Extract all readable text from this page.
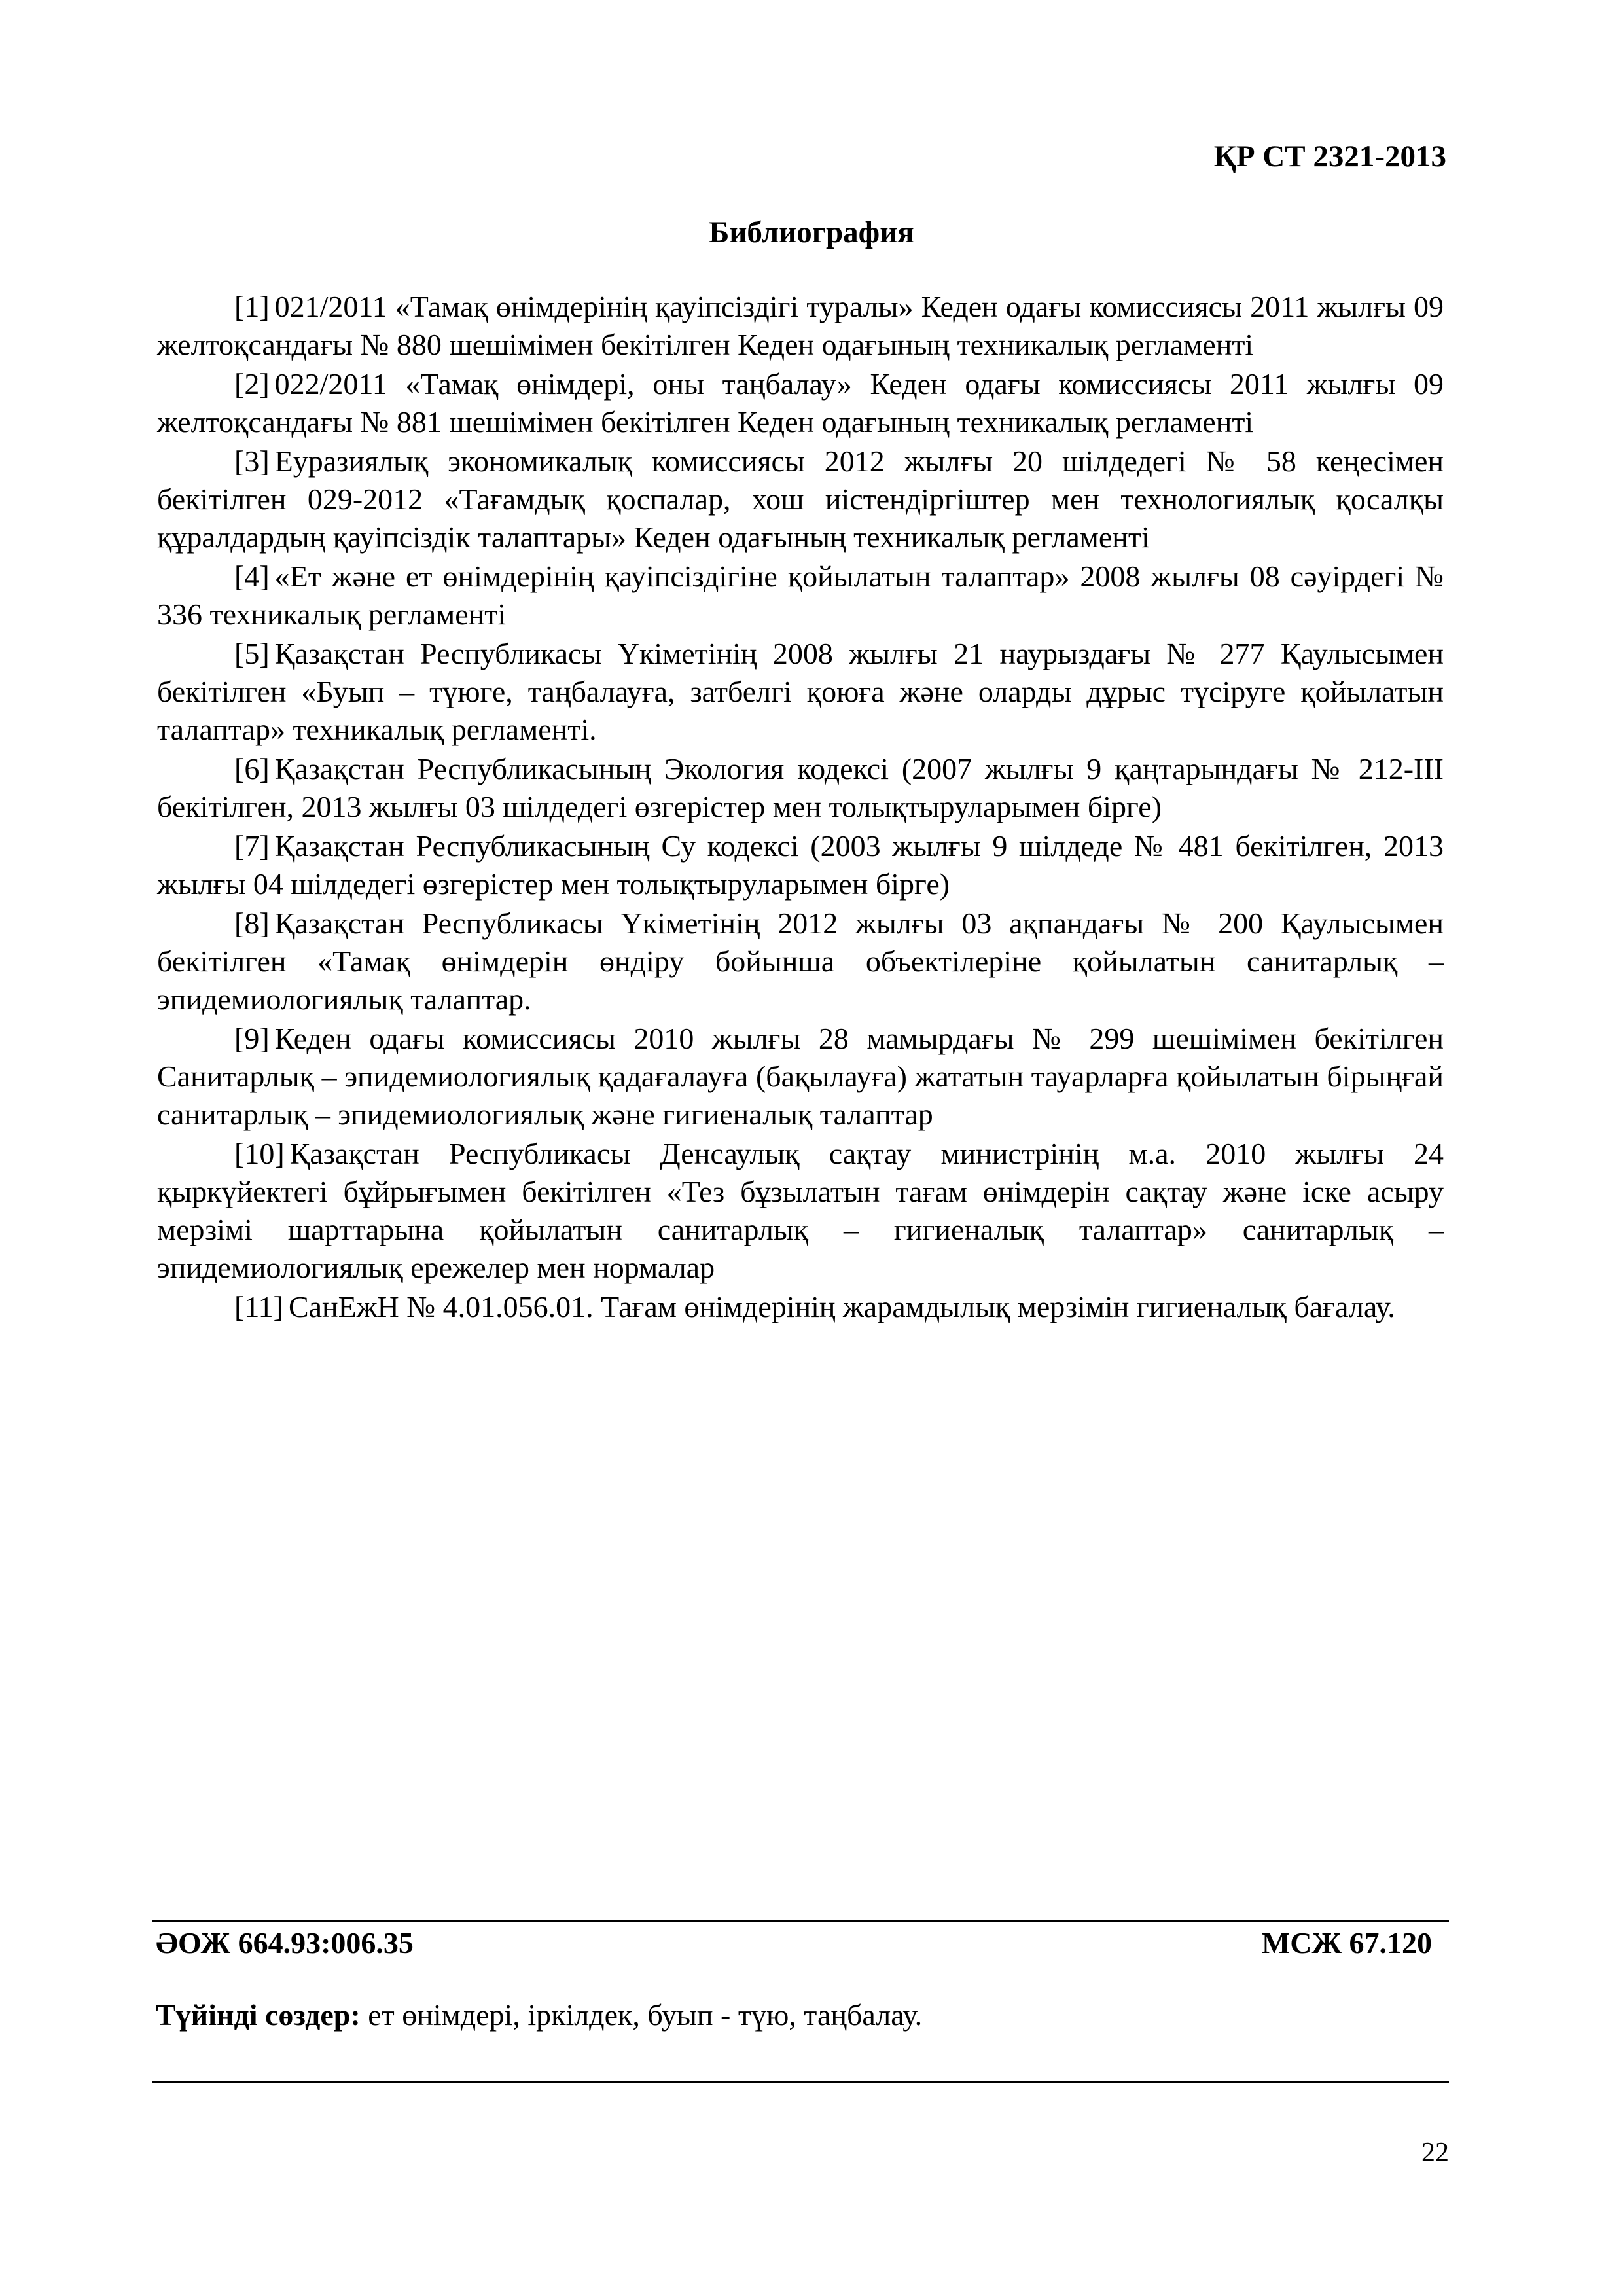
ҚР СТ 2321-2013
Библиография

[1] 021/2011 «Тамақ өнімдерінің қауіпсіздігі туралы» Кеден одағы комиссиясы 2011 жылғы 09 желтоқсандағы № 880 шешімімен бекітілген Кеден одағының техникалық регламенті

[2] 022/2011 «Тамақ өнімдері, оны таңбалау» Кеден одағы комиссиясы 2011 жылғы 09 желтоқсандағы № 881 шешімімен бекітілген Кеден одағының техникалық регламенті

[3] Еуразиялық экономикалық комиссиясы 2012 жылғы 20 шілдедегі № 58 кеңесімен бекітілген 029-2012 «Тағамдық қоспалар, хош иістендіргіштер мен технологиялық қосалқы құралдардың қауіпсіздік талаптары» Кеден одағының техникалық регламенті

[4] «Ет және ет өнімдерінің қауіпсіздігіне қойылатын талаптар» 2008 жылғы 08 сәуірдегі № 336 техникалық регламенті

[5] Қазақстан Республикасы Үкіметінің 2008 жылғы 21 наурыздағы № 277 Қаулысымен бекітілген «Буып – түюге, таңбалауға, затбелгі қоюға және оларды дұрыс түсіруге қойылатын талаптар» техникалық регламенті.

[6] Қазақстан Республикасының Экология кодексі (2007 жылғы 9 қаңтарындағы № 212-ІІІ бекітілген, 2013 жылғы 03 шілдедегі өзгерістер мен толықтыруларымен бірге)

[7] Қазақстан Республикасының Су кодексі (2003 жылғы 9 шілдеде № 481 бекітілген, 2013 жылғы 04 шілдедегі өзгерістер мен толықтыруларымен бірге)

[8] Қазақстан Республикасы Үкіметінің 2012 жылғы 03 ақпандағы № 200 Қаулысымен бекітілген «Тамақ өнімдерін өндіру бойынша объектілеріне қойылатын санитарлық – эпидемиологиялық талаптар.

[9] Кеден одағы комиссиясы 2010 жылғы 28 мамырдағы № 299 шешімімен бекітілген Санитарлық – эпидемиологиялық қадағалауға (бақылауға) жататын тауарларға қойылатын бірыңғай санитарлық – эпидемиологиялық және гигиеналық талаптар

[10] Қазақстан Республикасы Денсаулық сақтау министрінің м.а. 2010 жылғы 24 қыркүйектегі бұйрығымен бекітілген «Тез бұзылатын тағам өнімдерін сақтау және іске асыру мерзімі шарттарына қойылатын санитарлық – гигиеналық талаптар» санитарлық – эпидемиологиялық ережелер мен нормалар

[11] СанЕжН № 4.01.056.01. Тағам өнімдерінің жарамдылық мерзімін гигиеналық бағалау.

ӘОЖ 664.93:006.35	МСЖ 67.120
Түйінді сөздер: ет өнімдері, іркілдек, буып - түю, таңбалау.
22
